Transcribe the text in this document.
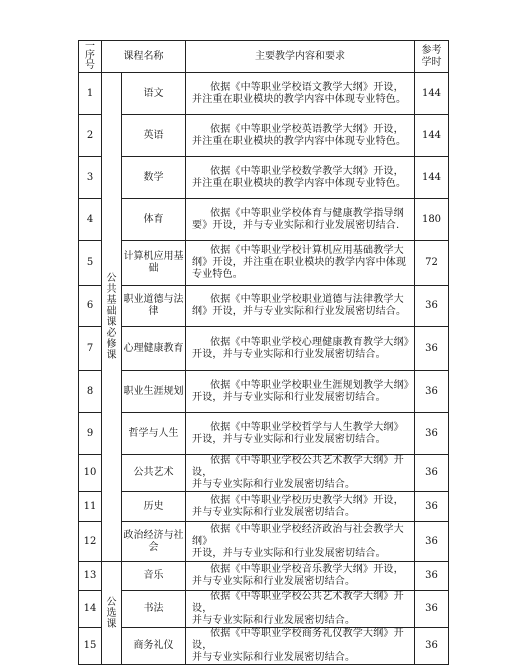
一
序号	课程名称		主要教学内容和要求	参考学时

1	公共基础课必修课	语文	依据《中等职业学校语文教学大纲》开设，
并注重在职业模块的教学内容中体现专业特色。	144
2		英语	依据《中等职业学校英语教学大纲》开设，
并注重在职业模块的教学内容中体现专业特色。	144
3		数学	依据《中等职业学校数学教学大纲》开设，
并注重在职业模块的教学内容中体现专业特色。	144
4		体育	依据《中等职业学校体育与健康教学指导纲
要》开设，并与专业实际和行业发展密切结合.	180
5		计算机应用基础	依据《中等职业学校计算机应用基础教学大
纲》开设，并注重在职业模块的教学内容中体现专业特色。	72
6		职业道德与法律	依据《中等职业学校职业道德与法律教学大
纲》开设，并与专业实际和行业发展密切结合。	36
7		心理健康教育	依据《中等职业学校心理健康教育教学大纲》
开设，并与专业实际和行业发展密切结合。	36
8		职业生涯规划	依据《中等职业学校职业生涯规划教学大纲》
开设，并与专业实际和行业发展密切结合。	36
9		哲学与人生	依据《中等职业学校哲学与人生教学大纲》
开设，并与专业实际和行业发展密切结合。	36
10		公共艺术	依据《中等职业学校公共艺术教学大纲》开设，
并与专业实际和行业发展密切结合。	36
11		历史	依据《中等职业学校历史教学大纲》开设，
并与专业实际和行业发展密切结合。	36
12		政治经济与社会	依据《中等职业学校经济政治与社会教学大纲》
开设，并与专业实际和行业发展密切结合。	36
13	公选课	音乐	依据《中等职业学校音乐教学大纲》开设，
并与专业实际和行业发展密切结合。	36
14		书法	依据《中等职业学校公共艺术教学大纲》开设，
并与专业实际和行业发展密切结合。	36
15		商务礼仪	依据《中等职业学校商务礼仪教学大纲》开设，
并与专业实际和行业发展密切结合。	36
